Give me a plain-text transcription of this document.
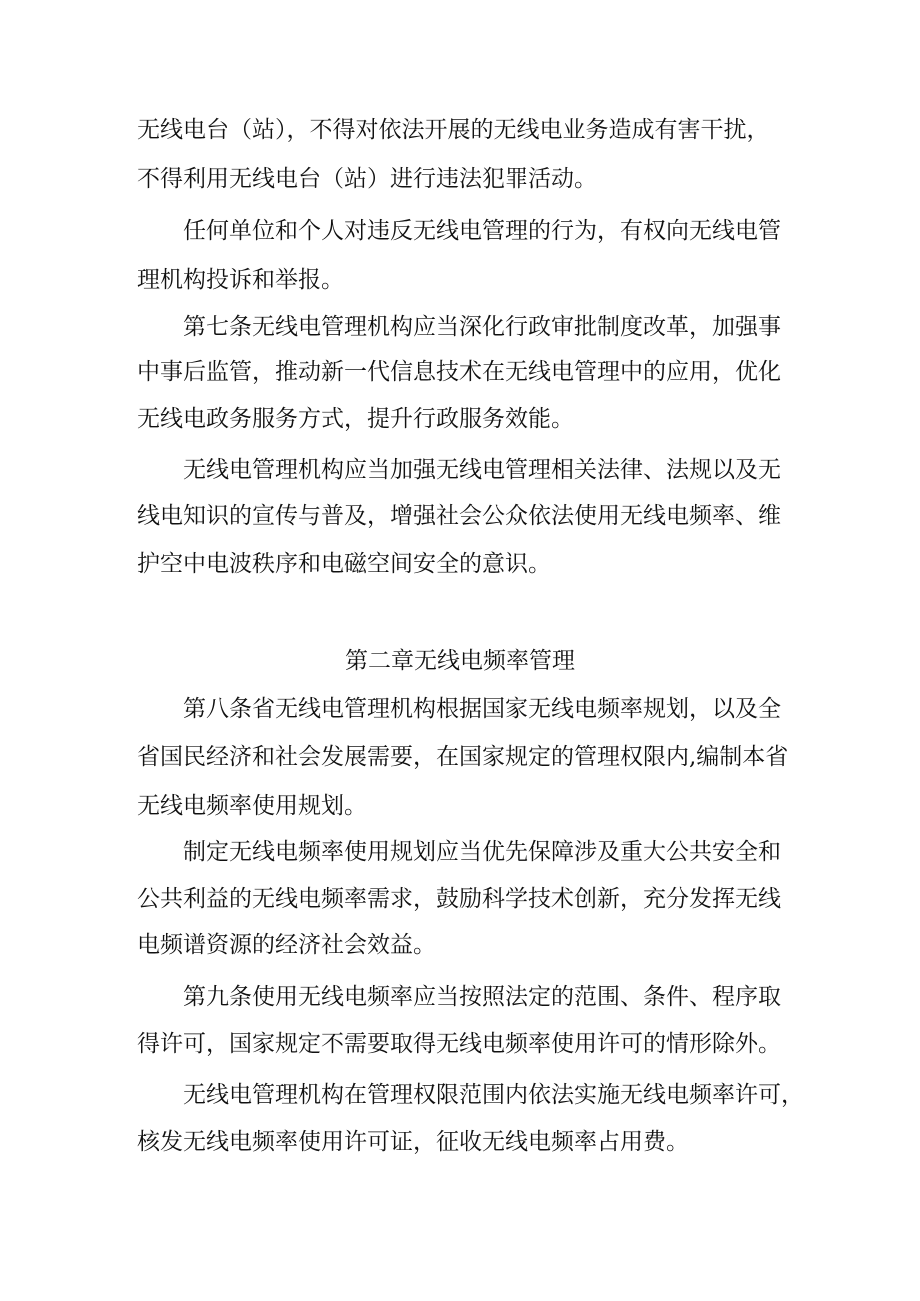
无线电台（站），不得对依法开展的无线电业务造成有害干扰，
不得利用无线电台（站）进行违法犯罪活动。
任何单位和个人对违反无线电管理的行为，有权向无线电管
理机构投诉和举报。
第七条无线电管理机构应当深化行政审批制度改革，加强事
中事后监管，推动新一代信息技术在无线电管理中的应用，优化
无线电政务服务方式，提升行政服务效能。
无线电管理机构应当加强无线电管理相关法律、法规以及无
线电知识的宣传与普及，增强社会公众依法使用无线电频率、维
护空中电波秩序和电磁空间安全的意识。
第二章无线电频率管理
第八条省无线电管理机构根据国家无线电频率规划，以及全
省国民经济和社会发展需要，在国家规定的管理权限内,编制本省
无线电频率使用规划。
制定无线电频率使用规划应当优先保障涉及重大公共安全和
公共利益的无线电频率需求，鼓励科学技术创新，充分发挥无线
电频谱资源的经济社会效益。
第九条使用无线电频率应当按照法定的范围、条件、程序取
得许可，国家规定不需要取得无线电频率使用许可的情形除外。
无线电管理机构在管理权限范围内依法实施无线电频率许可，
核发无线电频率使用许可证，征收无线电频率占用费。
